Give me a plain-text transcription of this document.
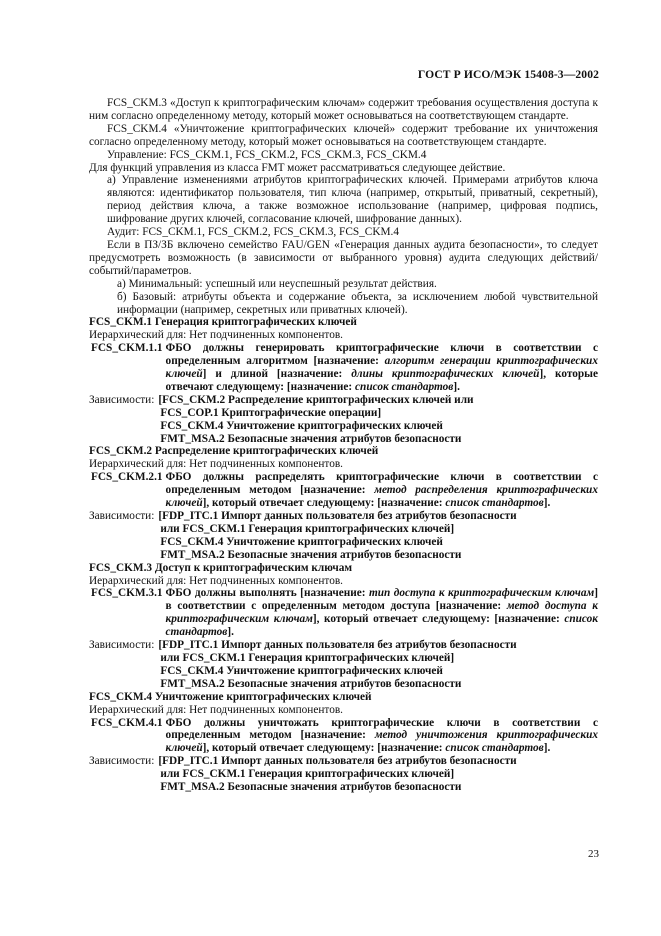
ГОСТ Р ИСО/МЭК 15408-3—2002
FCS_CKM.3 «Доступ к криптографическим ключам» содержит требования осуществления доступа к ним согласно определенному методу, который может основываться на соответствующем стандарте.
FCS_CKM.4 «Уничтожение криптографических ключей» содержит требование их уничтожения согласно определенному методу, который может основываться на соответствующем стандарте.
Управление: FCS_CKM.1, FCS_CKM.2, FCS_CKM.3, FCS_CKM.4
Для функций управления из класса FMT может рассматриваться следующее действие.
а) Управление изменениями атрибутов криптографических ключей. Примерами атрибутов ключа являются: идентификатор пользователя, тип ключа (например, открытый, приватный, секретный), период действия ключа, а также возможное использование (например, цифровая подпись, шифрование других ключей, согласование ключей, шифрование данных).
Аудит: FCS_CKM.1, FCS_CKM.2, FCS_CKM.3, FCS_CKM.4
Если в ПЗ/ЗБ включено семейство FAU/GEN «Генерация данных аудита безопасности», то следует предусмотреть возможность (в зависимости от выбранного уровня) аудита следующих действий/событий/параметров.
а) Минимальный: успешный или неуспешный результат действия.
б) Базовый: атрибуты объекта и содержание объекта, за исключением любой чувствительной информации (например, секретных или приватных ключей).
FCS_CKM.1 Генерация криптографических ключей
Иерархический для: Нет подчиненных компонентов.
FCS_CKM.1.1 ФБО должны генерировать криптографические ключи в соответствии с определенным алгоритмом [назначение: алгоритм генерации криптографических ключей] и длиной [назначение: длины криптографических ключей], которые отвечают следующему: [назначение: список стандартов].
Зависимости: [FCS_CKM.2 Распределение криптографических ключей или
FCS_COP.1 Криптографические операции]
FCS_CKM.4 Уничтожение криптографических ключей
FMT_MSA.2 Безопасные значения атрибутов безопасности
FCS_CKM.2 Распределение криптографических ключей
Иерархический для: Нет подчиненных компонентов.
FCS_CKM.2.1 ФБО должны распределять криптографические ключи в соответствии с определенным методом [назначение: метод распределения криптографических ключей], который отвечает следующему: [назначение: список стандартов].
Зависимости: [FDP_ITC.1 Импорт данных пользователя без атрибутов безопасности
или FCS_CKM.1 Генерация криптографических ключей]
FCS_CKM.4 Уничтожение криптографических ключей
FMT_MSA.2 Безопасные значения атрибутов безопасности
FCS_CKM.3 Доступ к криптографическим ключам
Иерархический для: Нет подчиненных компонентов.
FCS_CKM.3.1 ФБО должны выполнять [назначение: тип доступа к криптографическим ключам] в соответствии с определенным методом доступа [назначение: метод доступа к криптографическим ключам], который отвечает следующему: [назначение: список стандартов].
Зависимости: [FDP_ITC.1 Импорт данных пользователя без атрибутов безопасности
или FCS_CKM.1 Генерация криптографических ключей]
FCS_CKM.4 Уничтожение криптографических ключей
FMT_MSA.2 Безопасные значения атрибутов безопасности
FCS_CKM.4 Уничтожение криптографических ключей
Иерархический для: Нет подчиненных компонентов.
FCS_CKM.4.1 ФБО должны уничтожать криптографические ключи в соответствии с определенным методом [назначение: метод уничтожения криптографических ключей], который отвечает следующему: [назначение: список стандартов].
Зависимости: [FDP_ITC.1 Импорт данных пользователя без атрибутов безопасности
или FCS_CKM.1 Генерация криптографических ключей]
FMT_MSA.2 Безопасные значения атрибутов безопасности
23
